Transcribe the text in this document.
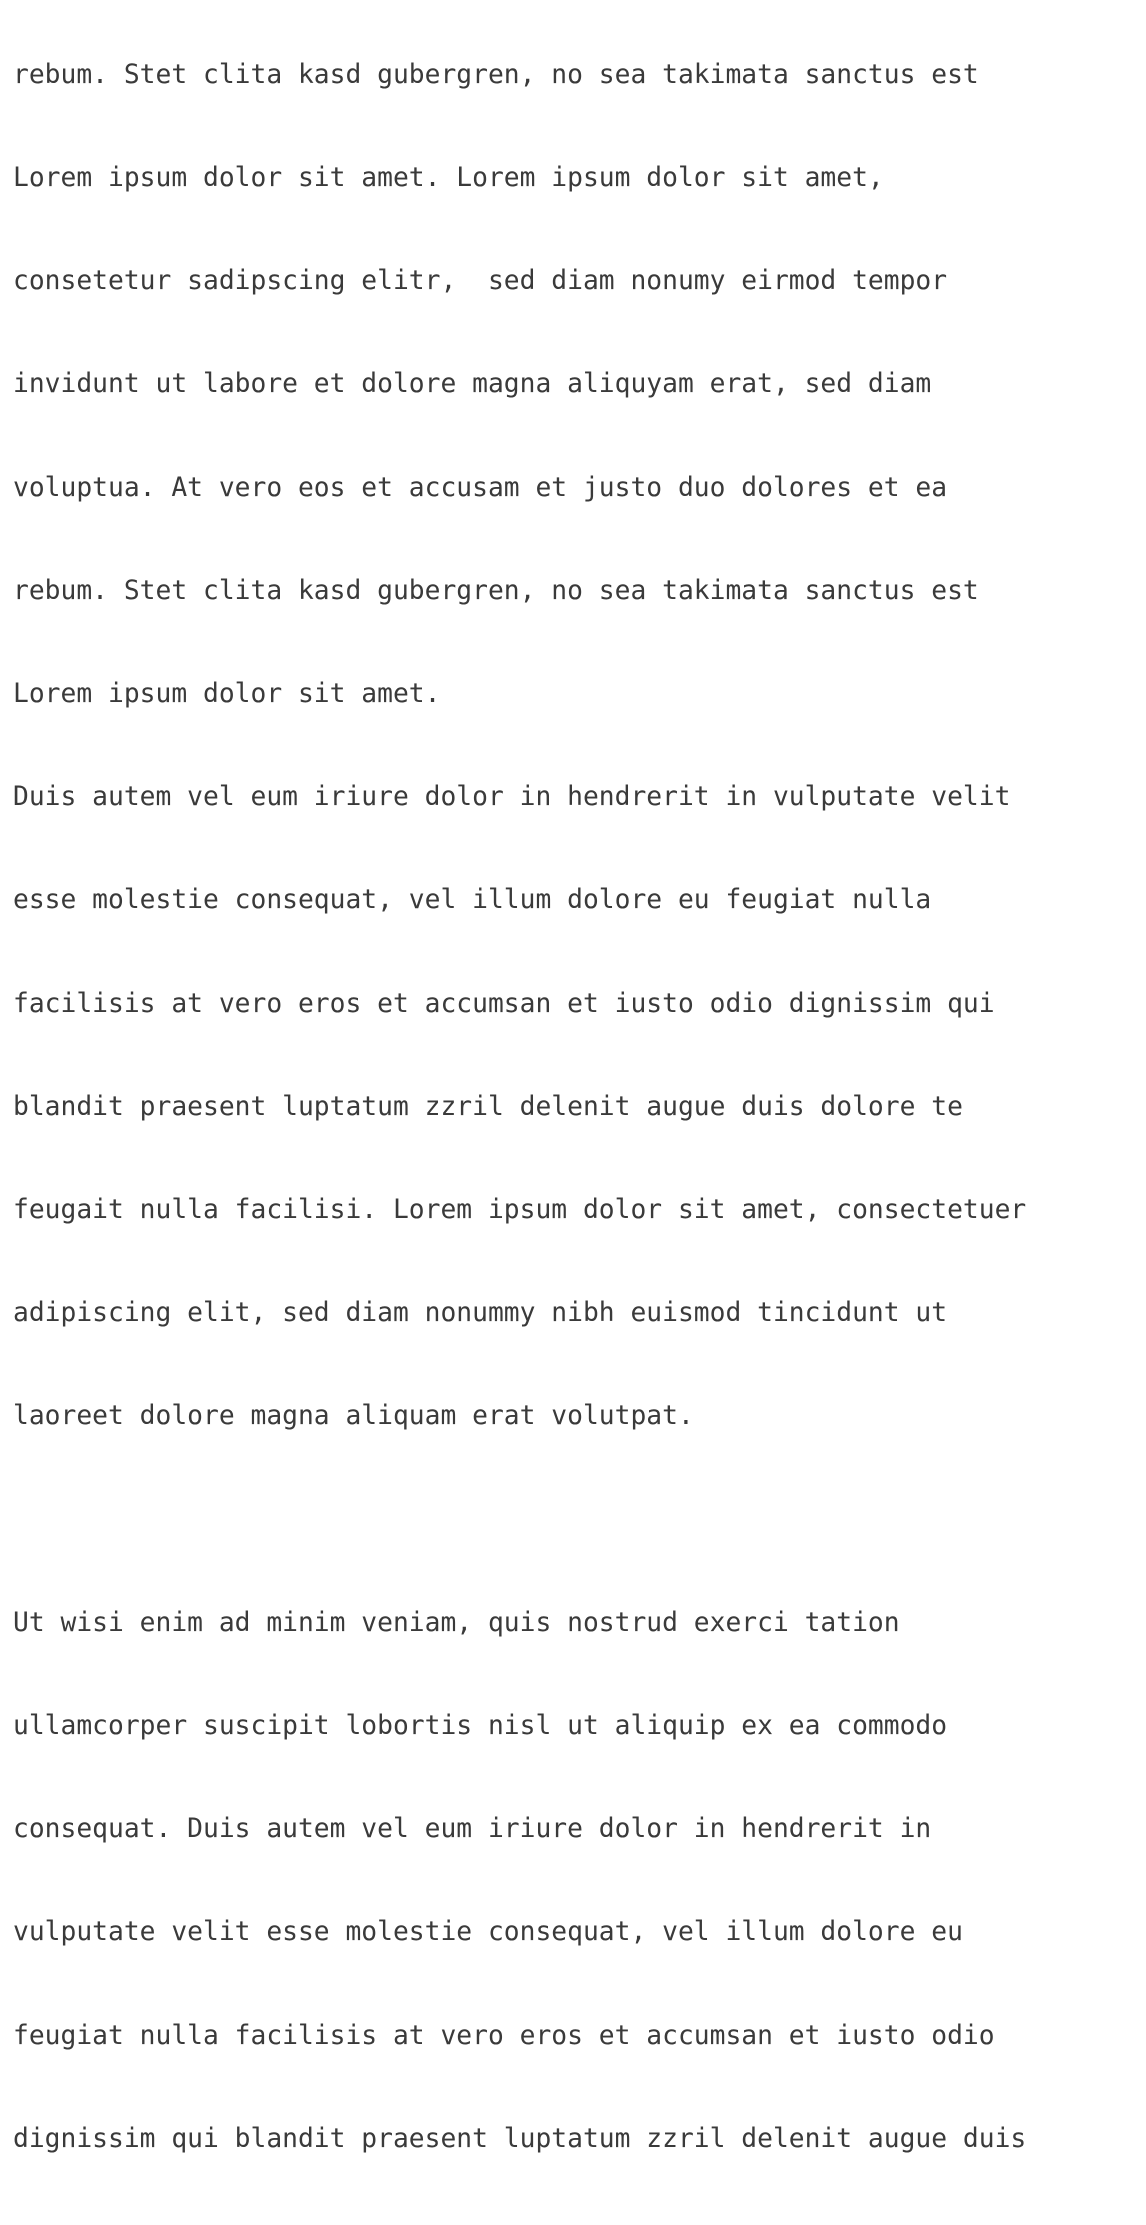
rebum. Stet clita kasd gubergren, no sea takimata sanctus est

Lorem ipsum dolor sit amet. Lorem ipsum dolor sit amet,

consetetur sadipscing elitr,  sed diam nonumy eirmod tempor

invidunt ut labore et dolore magna aliquyam erat, sed diam

voluptua. At vero eos et accusam et justo duo dolores et ea

rebum. Stet clita kasd gubergren, no sea takimata sanctus est

Lorem ipsum dolor sit amet.

Duis autem vel eum iriure dolor in hendrerit in vulputate velit

esse molestie consequat, vel illum dolore eu feugiat nulla

facilisis at vero eros et accumsan et iusto odio dignissim qui

blandit praesent luptatum zzril delenit augue duis dolore te

feugait nulla facilisi. Lorem ipsum dolor sit amet, consectetuer

adipiscing elit, sed diam nonummy nibh euismod tincidunt ut

laoreet dolore magna aliquam erat volutpat.

Ut wisi enim ad minim veniam, quis nostrud exerci tation

ullamcorper suscipit lobortis nisl ut aliquip ex ea commodo

consequat. Duis autem vel eum iriure dolor in hendrerit in

vulputate velit esse molestie consequat, vel illum dolore eu

feugiat nulla facilisis at vero eros et accumsan et iusto odio

dignissim qui blandit praesent luptatum zzril delenit augue duis
